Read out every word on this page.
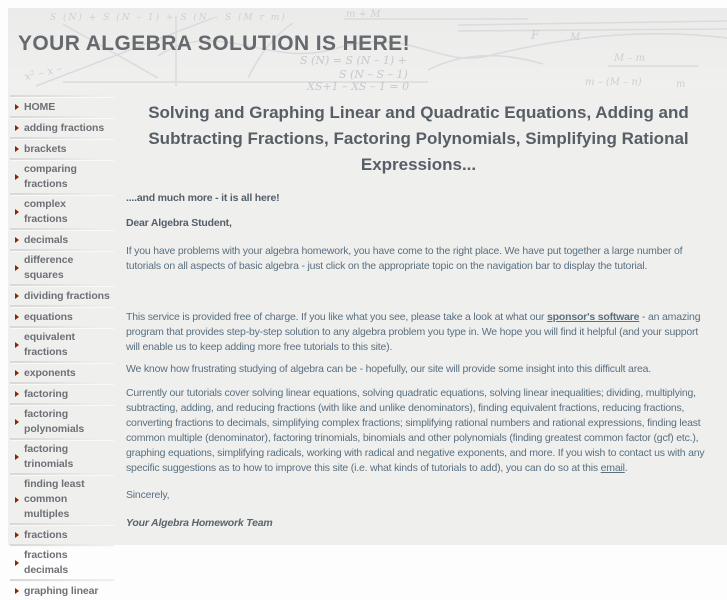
S (N) + S (N – 1) + S (N – S (M r m)	m + M
F	M
S (N) = S (N – 1) +
S (N – S – 1)
XS+1 – XS – 1 = 0
M – m
m – (M – n)	m
x² – x –
YOUR ALGEBRA SOLUTION IS HERE!
HOME
adding fractions
brackets
comparing
fractions
complex
fractions
decimals
difference
squares
dividing fractions
equations
equivalent
fractions
exponents
factoring
factoring
polynomials
factoring
trinomials
finding least
common
multiples
fractions
fractions
decimals
graphing linear
Solving and Graphing Linear and Quadratic Equations, Adding and Subtracting Fractions, Factoring Polynomials, Simplifying Rational Expressions...

....and much more - it is all here!

Dear Algebra Student,

If you have problems with your algebra homework, you have come to the right place. We have put together a large number of tutorials on all aspects of basic algebra - just click on the appropriate topic on the navigation bar to display the tutorial.

This service is provided free of charge. If you like what you see, please take a look at what our sponsor's software - an amazing program that provides step-by-step solution to any algebra problem you type in. We hope you will find it helpful (and your support will enable us to keep adding more free tutorials to this site).

We know how frustrating studying of algebra can be - hopefully, our site will provide some insight into this difficult area.

Currently our tutorials cover solving linear equations, solving quadratic equations, solving linear inequalities; dividing, multiplying, subtracting, adding, and reducing fractions (with like and unlike denominators), finding equivalent fractions, reducing fractions, converting fractions to decimals, simplifying complex fractions; simplifying rational numbers and rational expressions, finding least common multiple (denominator), factoring trinomials, binomials and other polynomials (finding greatest common factor (gcf) etc.), graphing equations, simplifying radicals, working with radical and negative exponents, and more. If you wish to contact us with any specific suggestions as to how to improve this site (i.e. what kinds of tutorials to add), you can do so at this email.

Sincerely,

Your Algebra Homework Team
